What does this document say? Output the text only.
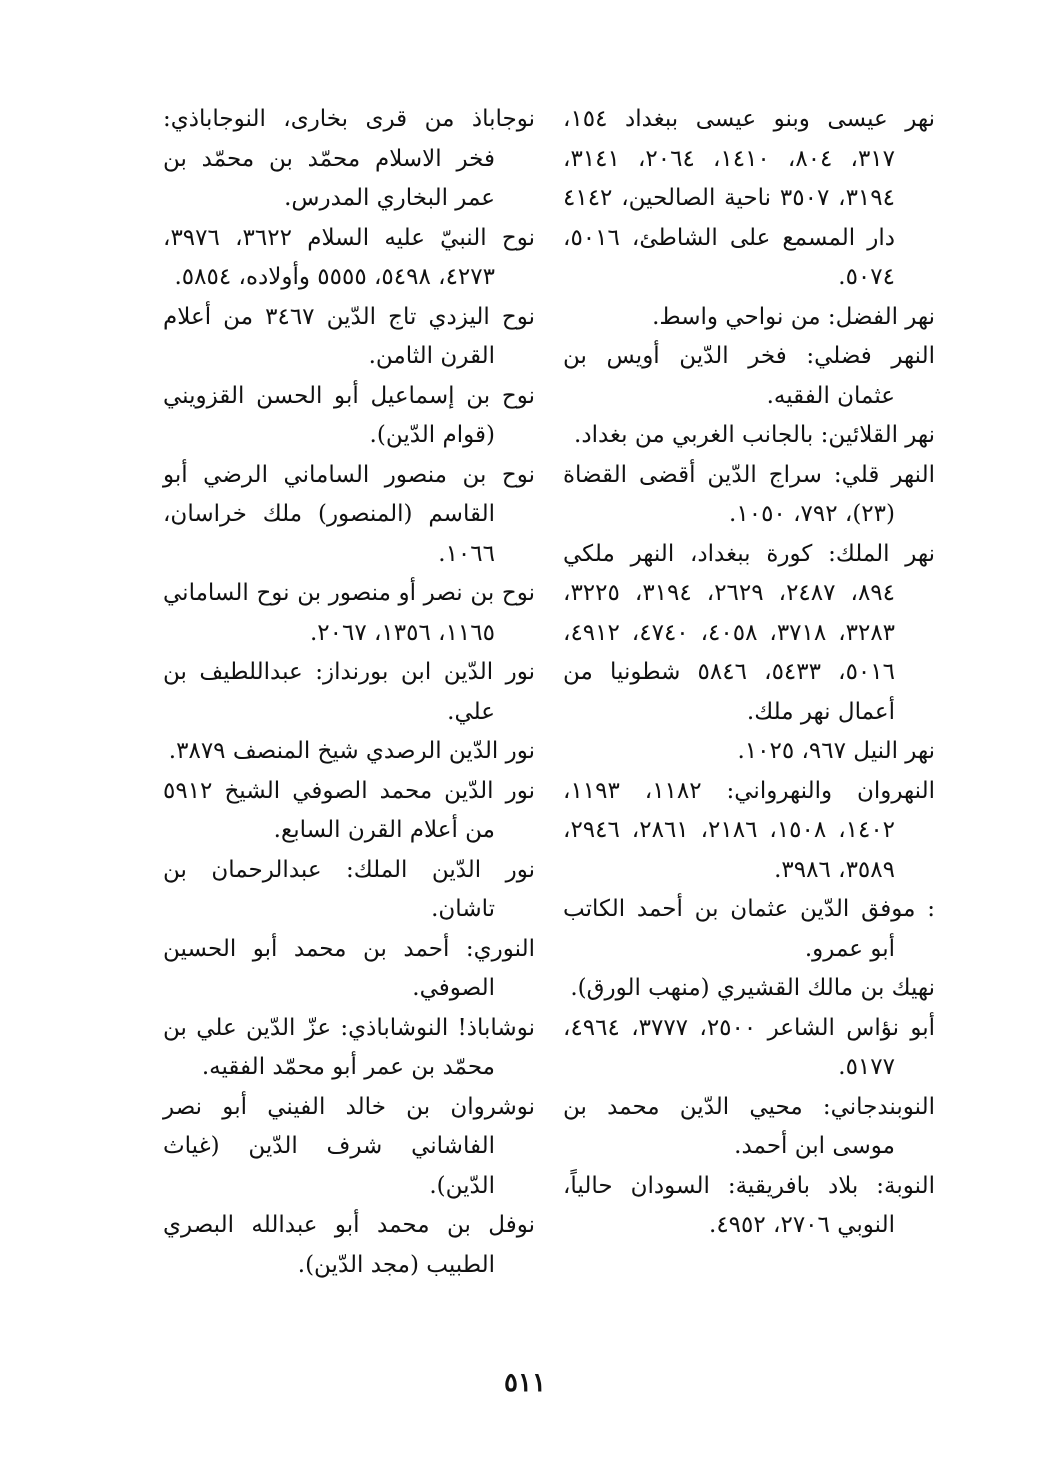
نهر عيسى وبنو عيسى ببغداد ١٥٤، ٣١٧، ٨٠٤، ١٤١٠، ٢٠٦٤، ٣١٤١، ٣١٩٤، ٣٥٠٧ ناحية الصالحين، ٤١٤٢ دار المسمع على الشاطئ، ٥٠١٦، ٥٠٧٤.

نهر الفضل: من نواحي واسط.

النهر فضلي: فخر الدّين أويس بن عثمان الفقيه.

نهر القلائين: بالجانب الغربي من بغداد.

النهر قلي: سراج الدّين أقضى القضاة (٢٣)، ٧٩٢، ١٠٥٠.

نهر الملك: كورة ببغداد، النهر ملكي ٨٩٤، ٢٤٨٧، ٢٦٢٩، ٣١٩٤، ٣٢٢٥، ٣٢٨٣، ٣٧١٨، ٤٠٥٨، ٤٧٤٠، ٤٩١٢، ٥٠١٦، ٥٤٣٣، ٥٨٤٦ شطونيا من أعمال نهر ملك.

نهر النيل ٩٦٧، ١٠٢٥.

النهروان والنهرواني: ١١٨٢، ١١٩٣، ١٤٠٢، ١٥٠٨، ٢١٨٦، ٢٨٦١، ٢٩٤٦، ٣٥٨٩، ٣٩٨٦.

: موفق الدّين عثمان بن أحمد الكاتب أبو عمرو.

نهيك بن مالك القشيري (منهب الورق).

أبو نؤاس الشاعر ٢٥٠٠، ٣٧٧٧، ٤٩٦٤، ٥١٧٧.

النوبندجاني: محيي الدّين محمد بن موسى ابن أحمد.

النوبة: بلاد بافريقية: السودان حالياً، النوبي ٢٧٠٦، ٤٩٥٢.

نوجاباذ من قرى بخارى، النوجاباذي: فخر الاسلام محمّد بن محمّد بن عمر البخاري المدرس.

نوح النبيّ عليه السلام ٣٦٢٢، ٣٩٧٦، ٤٢٧٣، ٥٤٩٨، ٥٥٥٥ وأولاده، ٥٨٥٤.

نوح اليزدي تاج الدّين ٣٤٦٧ من أعلام القرن الثامن.

نوح بن إسماعيل أبو الحسن القزويني (قوام الدّين).

نوح بن منصور الساماني الرضي أبو القاسم (المنصور) ملك خراسان، ١٠٦٦.

نوح بن نصر أو منصور بن نوح الساماني ١١٦٥، ١٣٥٦، ٢٠٦٧.

نور الدّين ابن بورنداز: عبداللطيف بن علي.

نور الدّين الرصدي شيخ المنصف ٣٨٧٩.

نور الدّين محمد الصوفي الشيخ ٥٩١٢ من أعلام القرن السابع.

نور الدّين الملك: عبدالرحمان بن تاشان.

النوري: أحمد بن محمد أبو الحسين الصوفي.

نوشاباذ! النوشاباذي: عزّ الدّين علي بن محمّد بن عمر أبو محمّد الفقيه.

نوشروان بن خالد الفيني أبو نصر الفاشاني شرف الدّين (غياث الدّين).

نوفل بن محمد أبو عبدالله البصري الطبيب (مجد الدّين).

٥١١
